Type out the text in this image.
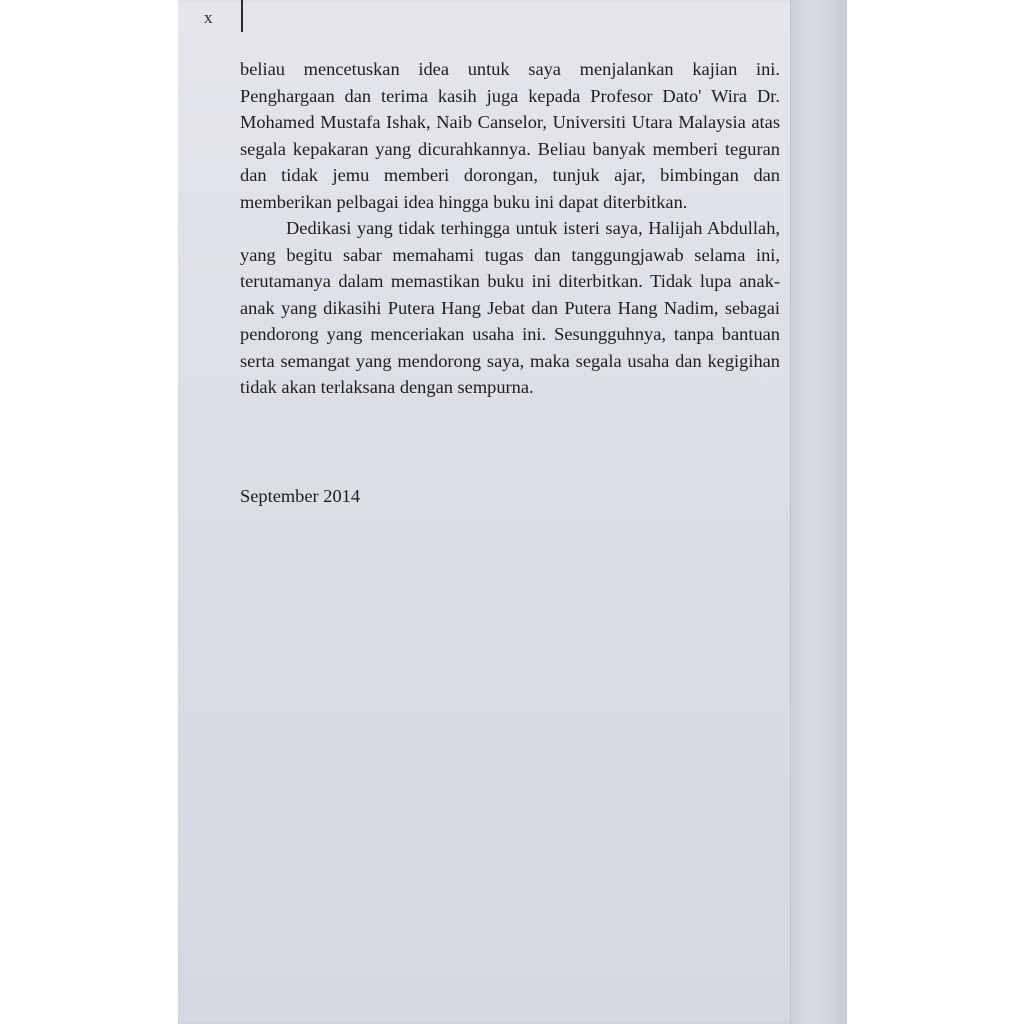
x

beliau mencetuskan idea untuk saya menjalankan kajian ini. Penghargaan dan terima kasih juga kepada Profesor Dato' Wira Dr. Mohamed Mustafa Ishak, Naib Canselor, Universiti Utara Malaysia atas segala kepakaran yang dicurahkannya. Beliau banyak memberi teguran dan tidak jemu memberi dorongan, tunjuk ajar, bimbingan dan memberikan pelbagai idea hingga buku ini dapat diterbitkan.

Dedikasi yang tidak terhingga untuk isteri saya, Halijah Abdullah, yang begitu sabar memahami tugas dan tanggungjawab selama ini, terutamanya dalam memastikan buku ini diterbitkan. Tidak lupa anak-anak yang dikasihi Putera Hang Jebat dan Putera Hang Nadim, sebagai pendorong yang menceriakan usaha ini. Sesungguhnya, tanpa bantuan serta semangat yang mendorong saya, maka segala usaha dan kegigihan tidak akan terlaksana dengan sempurna.

September 2014
